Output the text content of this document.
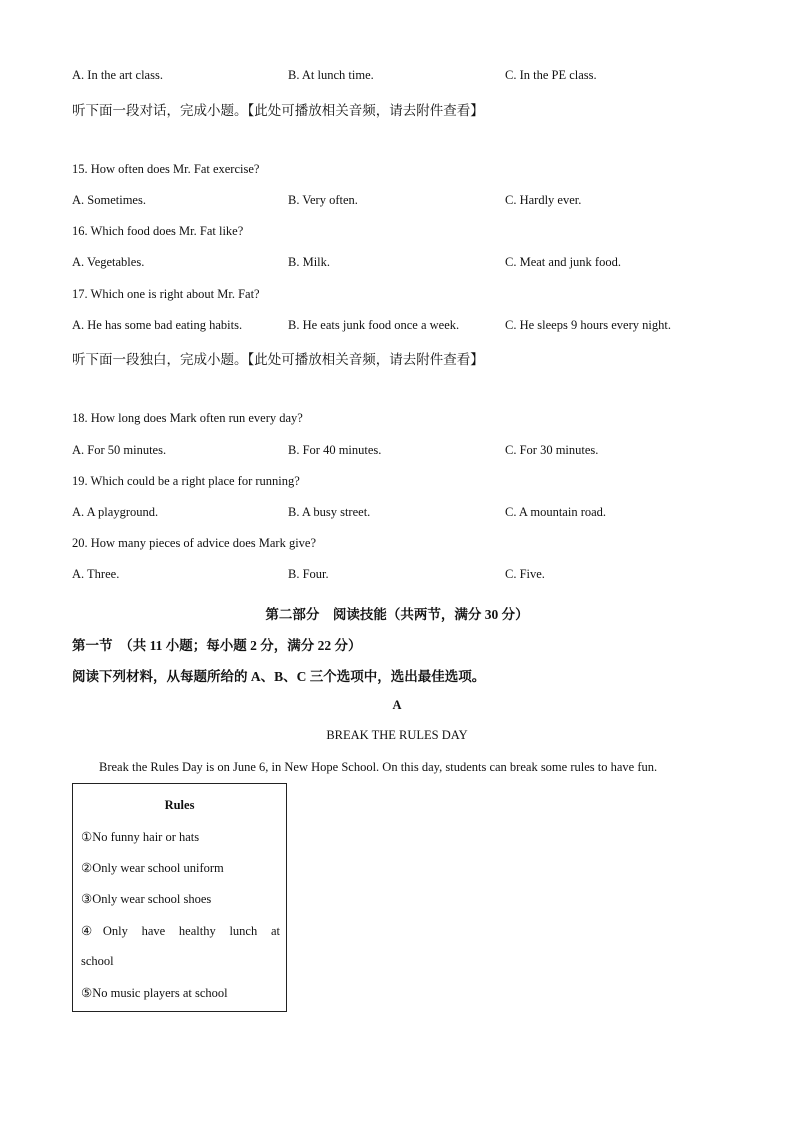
A. In the art class.	B. At lunch time.	C. In the PE class.
听下面一段对话，完成小题。【此处可播放相关音频，请去附件查看】
15. How often does Mr. Fat exercise?
A. Sometimes.	B. Very often.	C. Hardly ever.
16. Which food does Mr. Fat like?
A. Vegetables.	B. Milk.	C. Meat and junk food.
17. Which one is right about Mr. Fat?
A. He has some bad eating habits.	B. He eats junk food once a week.	C. He sleeps 9 hours every night.
听下面一段独白，完成小题。【此处可播放相关音频，请去附件查看】
18. How long does Mark often run every day?
A. For 50 minutes.	B. For 40 minutes.	C. For 30 minutes.
19. Which could be a right place for running?
A. A playground.	B. A busy street.	C. A mountain road.
20. How many pieces of advice does Mark give?
A. Three.	B. Four.	C. Five.
第二部分　阅读技能（共两节，满分 30 分）
第一节　（共 11 小题；每小题 2 分，满分 22 分）
阅读下列材料，从每题所给的 A、B、C 三个选项中，选出最佳选项。
A
BREAK THE RULES DAY
Break the Rules Day is on June 6, in New Hope School. On this day, students can break some rules to have fun.
Rules
①No funny hair or hats
②Only wear school uniform
③Only wear school shoes
④Only have healthy lunch at
school
⑤No music players at school
